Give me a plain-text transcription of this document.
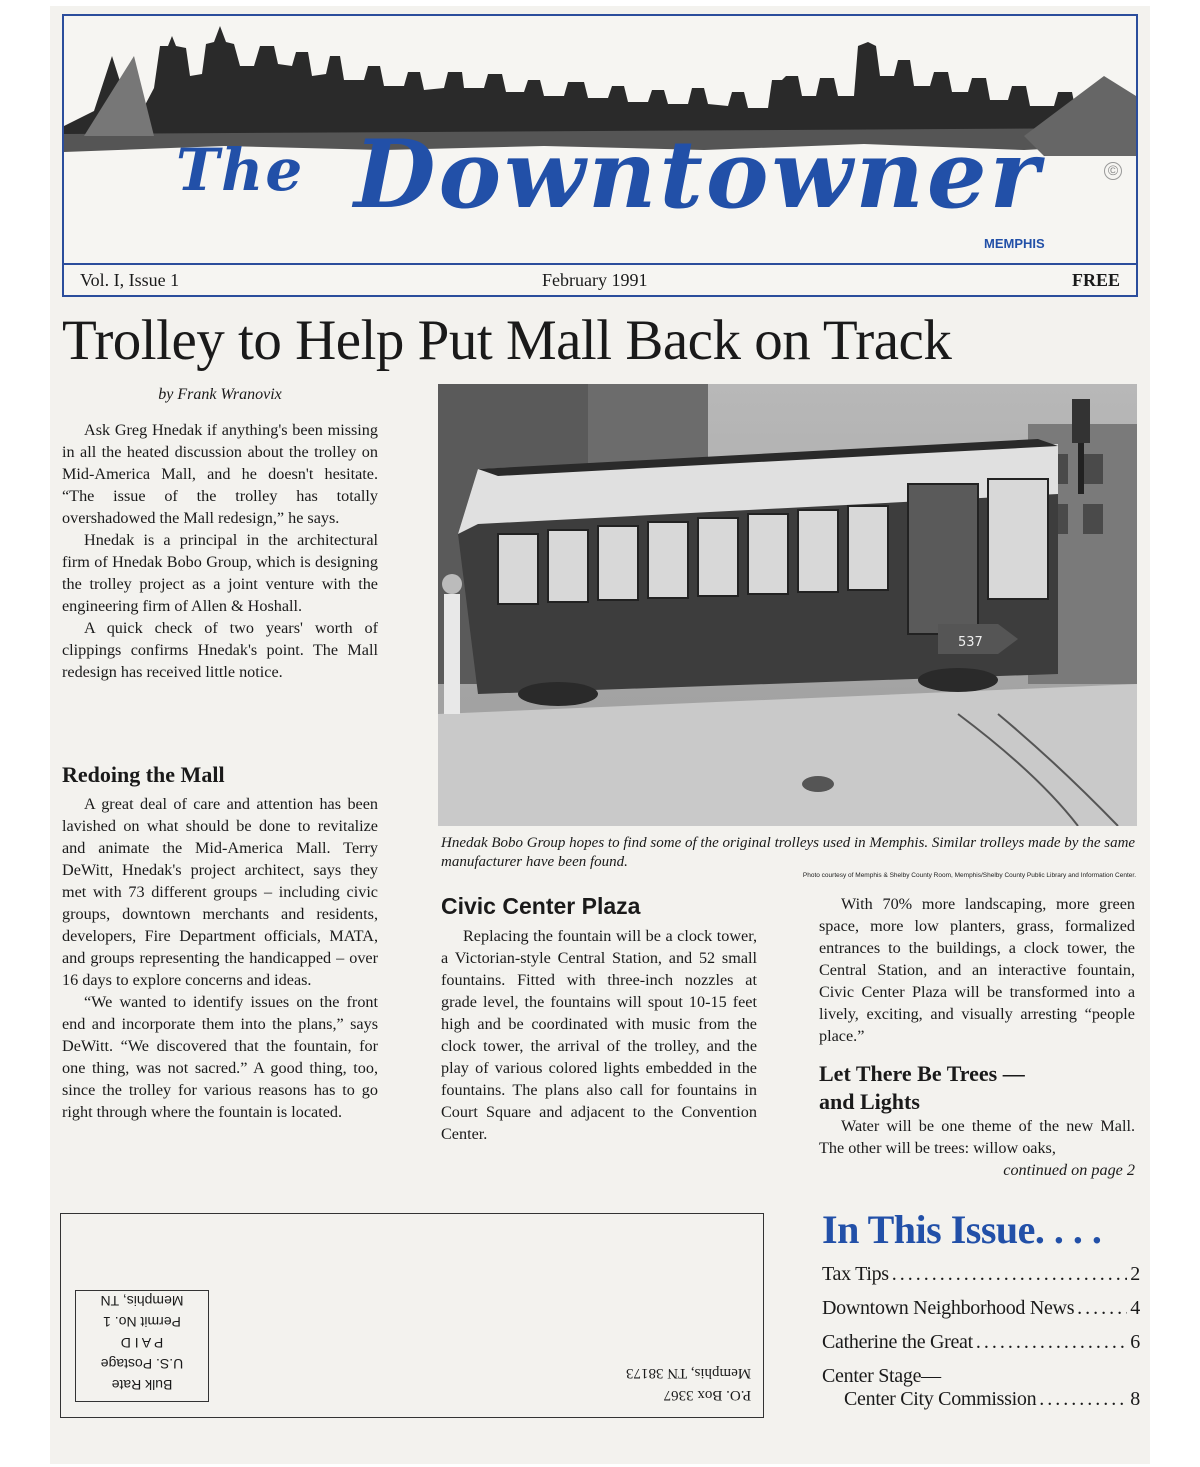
The Downtowner
MEMPHIS
©
Vol. I, Issue 1	February 1991	FREE
Trolley to Help Put Mall Back on Track
by Frank Wranovix

Ask Greg Hnedak if anything's been missing in all the heated discussion about the trolley on Mid-America Mall, and he doesn't hesitate. “The issue of the trolley has totally overshadowed the Mall redesign,” he says.

Hnedak is a principal in the architectural firm of Hnedak Bobo Group, which is designing the trolley project as a joint venture with the engineering firm of Allen & Hoshall.

A quick check of two years' worth of clippings confirms Hnedak's point. The Mall redesign has received little notice.

Redoing the Mall

A great deal of care and attention has been lavished on what should be done to revitalize and animate the Mid-America Mall. Terry DeWitt, Hnedak's project architect, says they met with 73 different groups – including civic groups, downtown merchants and residents, developers, Fire Department officials, MATA, and groups representing the handicapped – over 16 days to explore concerns and ideas.

“We wanted to identify issues on the front end and incorporate them into the plans,” says DeWitt. “We discovered that the fountain, for one thing, was not sacred.” A good thing, too, since the trolley for various reasons has to go right through where the fountain is located.

537
Hnedak Bobo Group hopes to find some of the original trolleys used in Memphis. Similar trolleys made by the same manufacturer have been found.
Photo courtesy of Memphis & Shelby County Room, Memphis/Shelby County Public Library and Information Center.
Civic Center Plaza

Replacing the fountain will be a clock tower, a Victorian-style Central Station, and 52 small fountains. Fitted with three-inch nozzles at grade level, the fountains will spout 10-15 feet high and be coordinated with music from the clock tower, the arrival of the trolley, and the play of various colored lights embedded in the fountains. The plans also call for fountains in Court Square and adjacent to the Convention Center.

With 70% more landscaping, more green space, more low planters, grass, formalized entrances to the buildings, a clock tower, the Central Station, and an interactive fountain, Civic Center Plaza will be transformed into a lively, exciting, and visually arresting “people place.”

Let There Be Trees —
and Lights

Water will be one theme of the new Mall. The other will be trees: willow oaks,

continued on page 2
Bulk Rate
U.S. Postage
P A I D
Permit No. 1
Memphis, TN
P.O. Box 3367
Memphis, TN 38173
In This Issue. . . .
Tax Tips . . .	2
Downtown Neighborhood News . . .	4
Catherine the Great . . .	6
Center Stage—
Center City Commission . . .	8
